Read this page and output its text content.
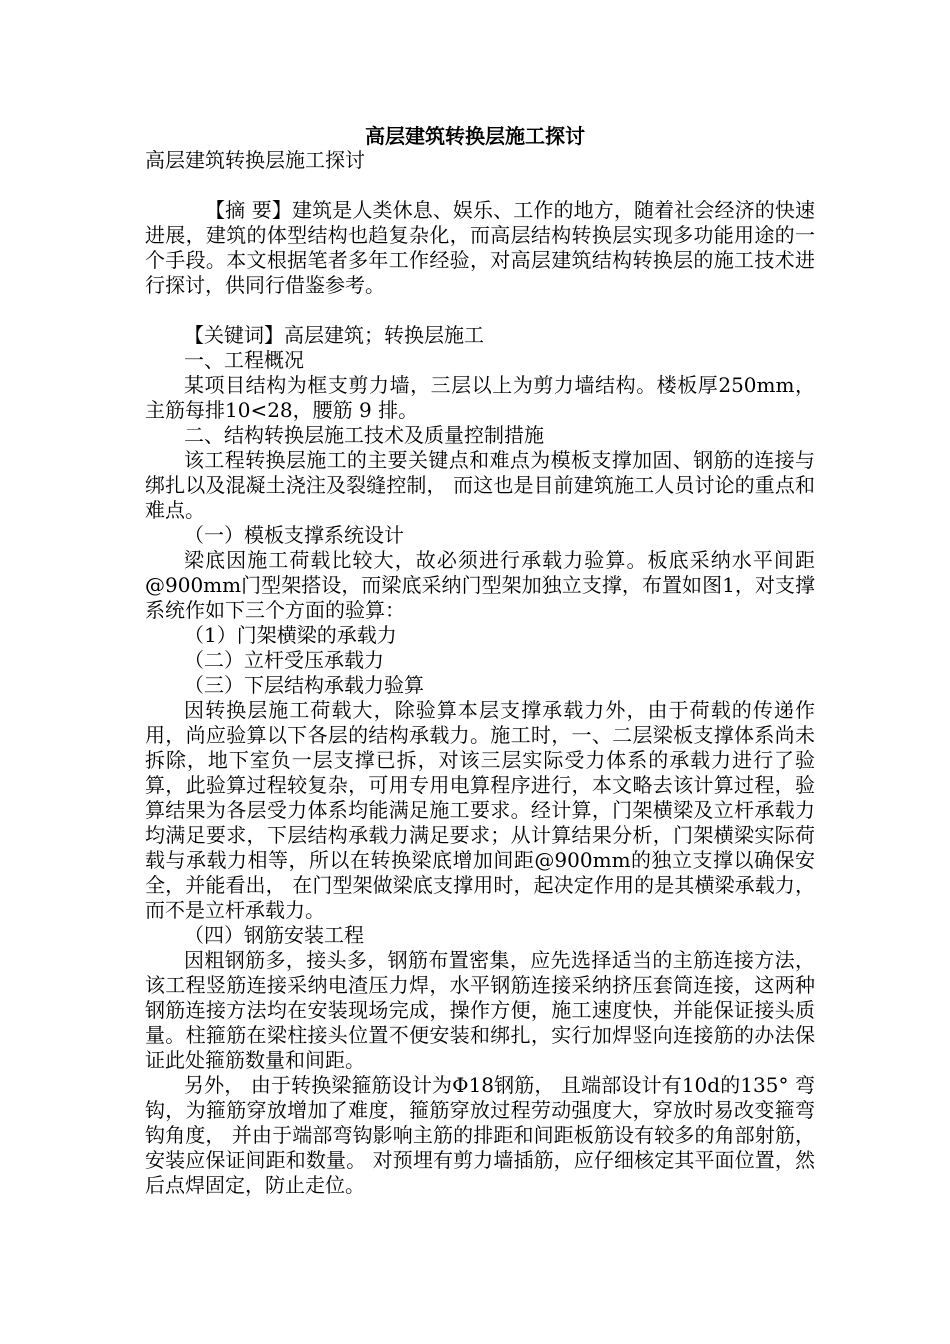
高层建筑转换层施工探讨

高层建筑转换层施工探讨

【摘 要】建筑是人类休息、娱乐、工作的地方，随着社会经济的快速进展，建筑的体型结构也趋复杂化，而高层结构转换层实现多功能用途的一个手段。本文根据笔者多年工作经验，对高层建筑结构转换层的施工技术进行探讨，供同行借鉴参考。

【关键词】高层建筑；转换层施工

一、工程概况

某项目结构为框支剪力墙，三层以上为剪力墙结构。楼板厚250mm，主筋每排10<28，腰筋 9 排。

二、结构转换层施工技术及质量控制措施

该工程转换层施工的主要关键点和难点为模板支撑加固、钢筋的连接与绑扎以及混凝土浇注及裂缝控制， 而这也是目前建筑施工人员讨论的重点和难点。

（一）模板支撑系统设计

梁底因施工荷载比较大，故必须进行承载力验算。板底采纳水平间距@900mm门型架搭设，而梁底采纳门型架加独立支撑，布置如图1，对支撑系统作如下三个方面的验算：

（1）门架横梁的承载力

（二）立杆受压承载力

（三）下层结构承载力验算

因转换层施工荷载大，除验算本层支撑承载力外，由于荷载的传递作用，尚应验算以下各层的结构承载力。施工时，一、二层梁板支撑体系尚未拆除，地下室负一层支撑已拆，对该三层实际受力体系的承载力进行了验算，此验算过程较复杂，可用专用电算程序进行，本文略去该计算过程，验算结果为各层受力体系均能满足施工要求。经计算，门架横梁及立杆承载力均满足要求，下层结构承载力满足要求；从计算结果分析，门架横梁实际荷载与承载力相等，所以在转换梁底增加间距@900mm的独立支撑以确保安全，并能看出， 在门型架做梁底支撑用时，起决定作用的是其横梁承载力，而不是立杆承载力。

（四）钢筋安装工程

因粗钢筋多，接头多，钢筋布置密集，应先选择适当的主筋连接方法，该工程竖筋连接采纳电渣压力焊，水平钢筋连接采纳挤压套筒连接，这两种钢筋连接方法均在安装现场完成，操作方便，施工速度快，并能保证接头质量。柱箍筋在梁柱接头位置不便安装和绑扎，实行加焊竖向连接筋的办法保证此处箍筋数量和间距。

另外， 由于转换梁箍筋设计为Φ18钢筋， 且端部设计有10d的135° 弯钩，为箍筋穿放增加了难度，箍筋穿放过程劳动强度大，穿放时易改变箍弯钩角度， 并由于端部弯钩影响主筋的排距和间距板筋设有较多的角部射筋，安装应保证间距和数量。 对预埋有剪力墙插筋，应仔细核定其平面位置，然后点焊固定，防止走位。
